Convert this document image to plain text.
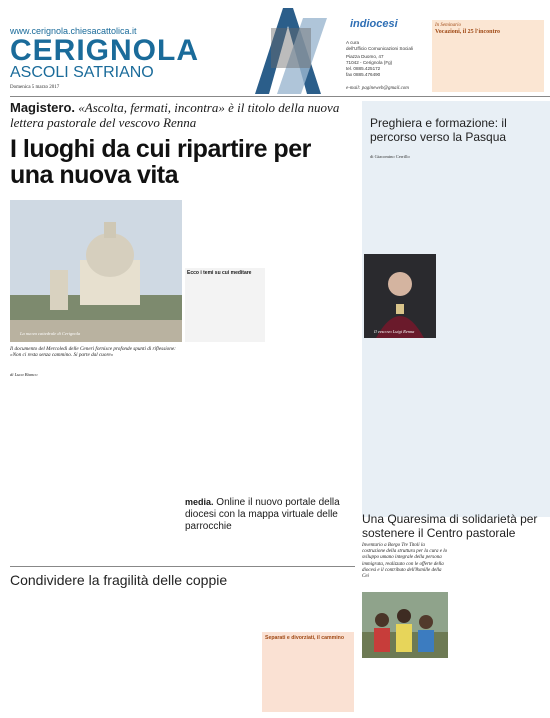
www.cerignola.chiesacattolica.it
CERIGNOLA
ASCOLI SATRIANO
Domenica 5 marzo 2017
indiocesi
A cura
dell'Ufficio Comunicazioni Sociali
Piazza Duomo, 47
71042 - Cerignola (Fg)
tel. 0885.425172
fax 0885.476490
e-mail: pagineweb@gmail.com
In Seminario
Vocazioni, il 25 l'incontro
Magistero. «Ascolta, fermati, incontra» è il titolo della nuova lettera pastorale del vescovo Renna
I luoghi da cui ripartire per una nuova vita
La nuova cattedrale di Cerignola
Ecco i temi su cui meditare
Il documento del Mercoledì delle Ceneri fornisce profonde spunti di riflessione: «Non ci resta senza cammino. Si parte dal cuore»
di Luca Bianco
media. Online il nuovo portale della diocesi con la mappa virtuale delle parrocchie
Preghiera e formazione: il percorso verso la Pasqua
di Giacomino Cerrillo
Il vescovo Luigi Renna
Una Quaresima di solidarietà per sostenere il Centro pastorale
Inventario a Borgo Tre Titoli la costruzione della struttura per la cura e lo sviluppo umano integrale della persona immigrata, realizzato con le offerte della diocesi e il contributo dell'8xmille della Cei
Condividere la fragilità delle coppie
Separati e divorziati, il cammino
